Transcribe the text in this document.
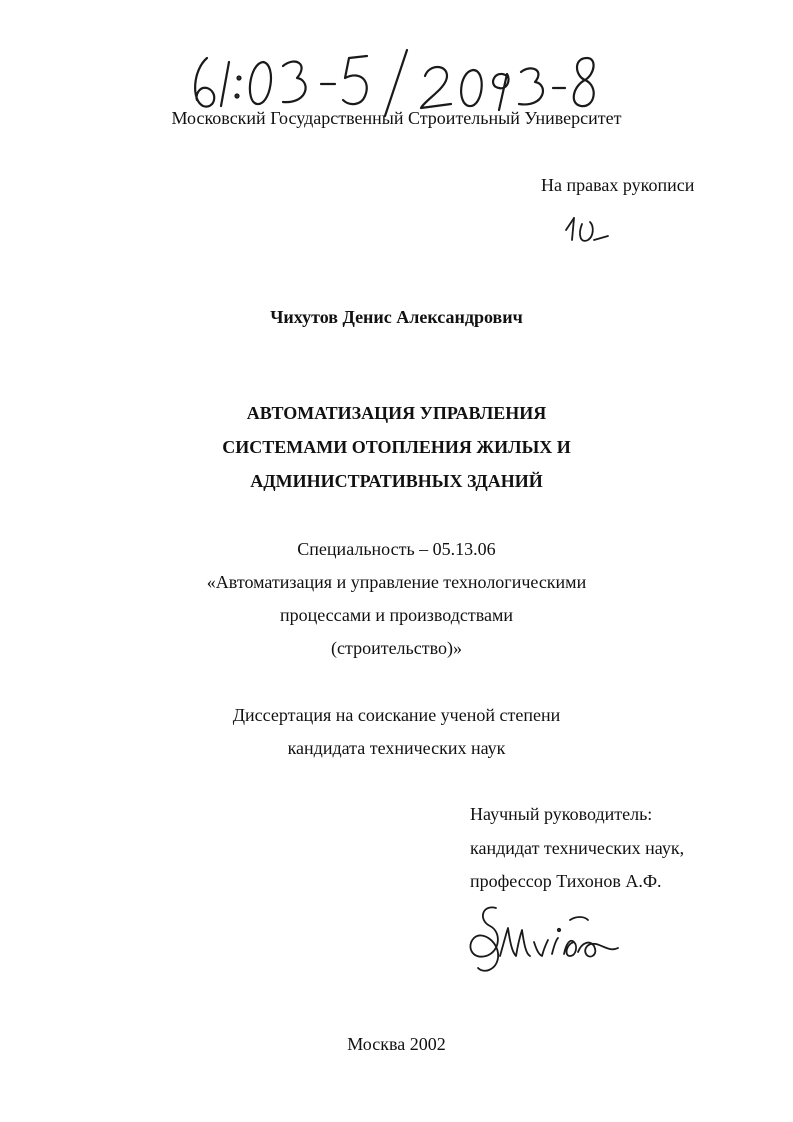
Московский Государственный Строительный Университет
На правах рукописи
Чихутов Денис Александрович
АВТОМАТИЗАЦИЯ УПРАВЛЕНИЯ
СИСТЕМАМИ ОТОПЛЕНИЯ ЖИЛЫХ И
АДМИНИСТРАТИВНЫХ ЗДАНИЙ
Специальность – 05.13.06
«Автоматизация и управление технологическими
процессами и производствами
(строительство)»
Диссертация на соискание ученой степени
кандидата технических наук
Научный руководитель:
кандидат технических наук,
профессор Тихонов А.Ф.
Москва 2002
